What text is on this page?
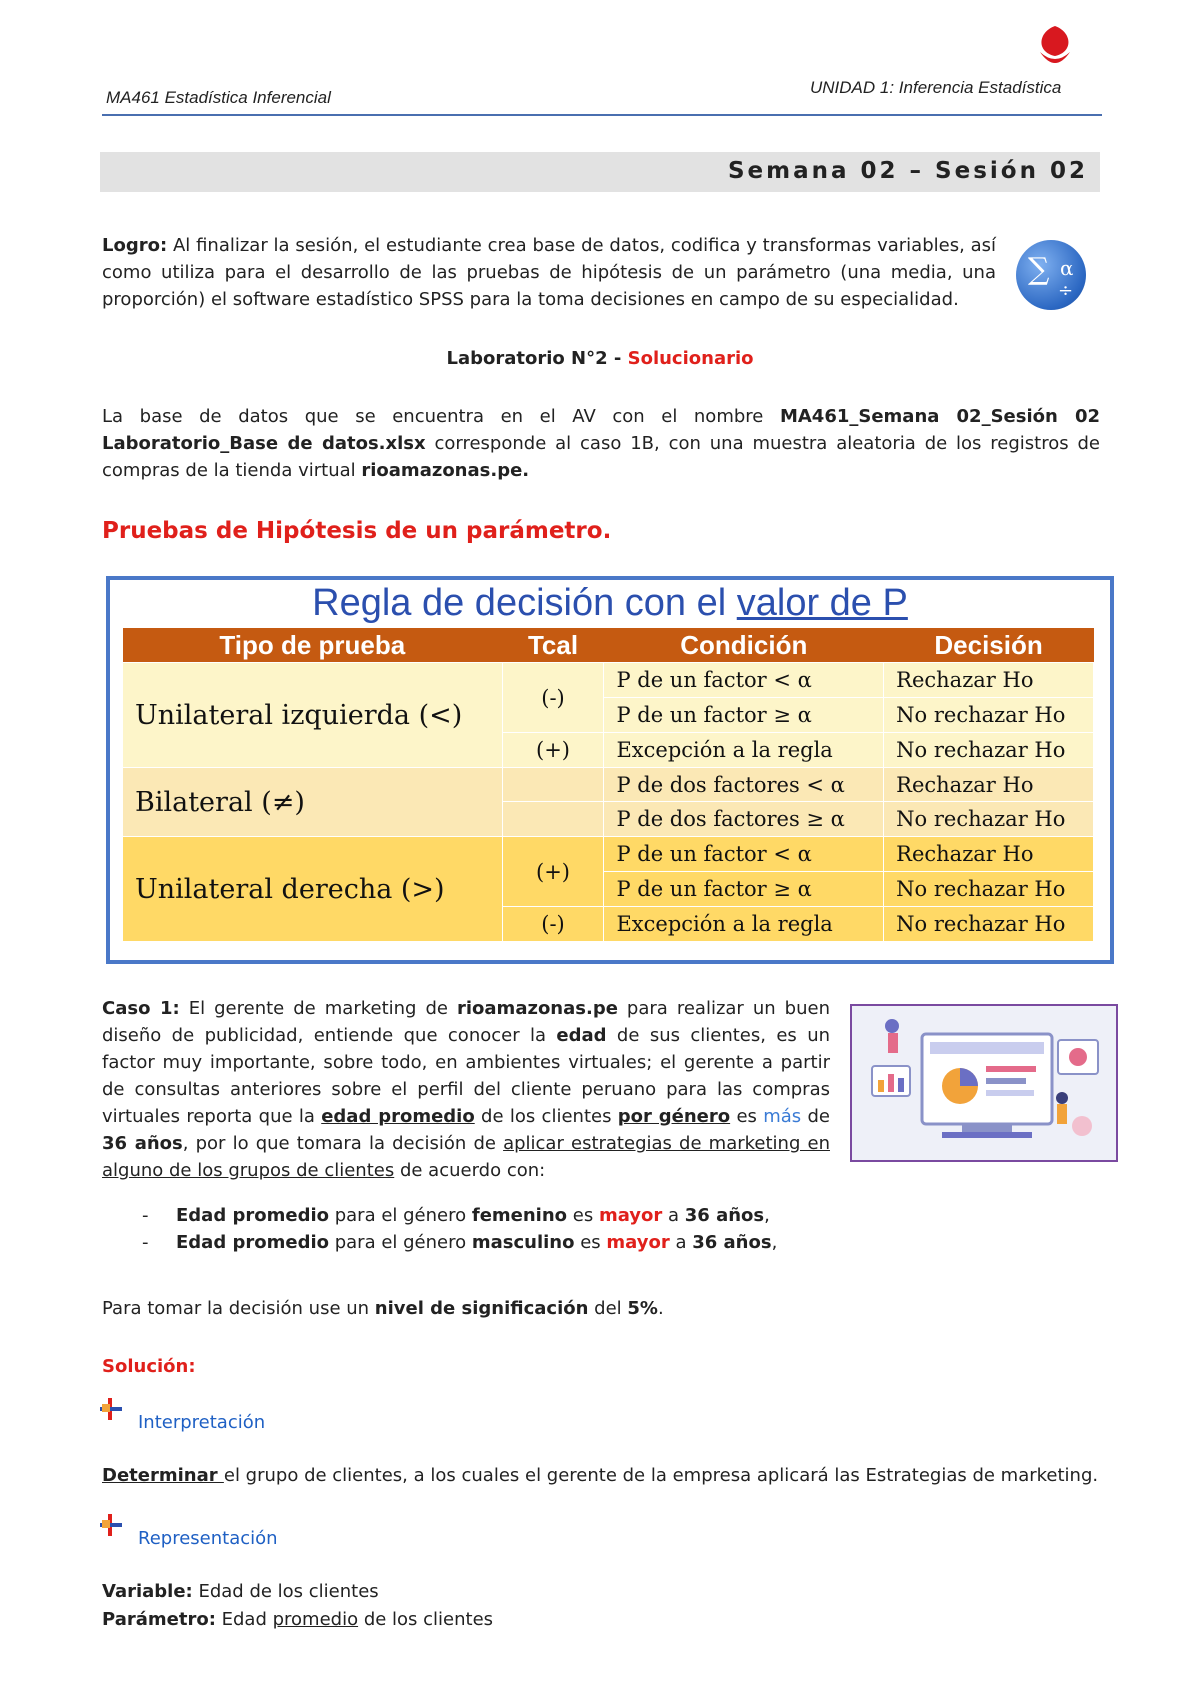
MA461 Estadística Inferencial
UNIDAD 1: Inferencia Estadística
Semana 02 – Sesión 02
Logro: Al finalizar la sesión, el estudiante crea base de datos, codifica y transformas variables, así como utiliza para el desarrollo de las pruebas de hipótesis de un parámetro (una media, una proporción) el software estadístico SPSS para la toma decisiones en campo de su especialidad.
∑ α
÷
Laboratorio N°2 - Solucionario
La base de datos que se encuentra en el AV con el nombre MA461_Semana 02_Sesión 02 Laboratorio_Base de datos.xlsx corresponde al caso 1B, con una muestra aleatoria de los registros de compras de la tienda virtual rioamazonas.pe.
Pruebas de Hipótesis de un parámetro.
Regla de decisión con el valor de P
Tipo de prueba	Tcal	Condición	Decisión
Unilateral izquierda (<)	(-)	P de un factor < α	Rechazar Ho
		P de un factor ≥ α	No rechazar Ho
	(+)	Excepción a la regla	No rechazar Ho
Bilateral (≠)		P de dos factores < α	Rechazar Ho
		P de dos factores ≥ α	No rechazar Ho
Unilateral derecha (>)	(+)	P de un factor < α	Rechazar Ho
		P de un factor ≥ α	No rechazar Ho
	(-)	Excepción a la regla	No rechazar Ho
Caso 1: El gerente de marketing de rioamazonas.pe para realizar un buen diseño de publicidad, entiende que conocer la edad de sus clientes, es un factor muy importante, sobre todo, en ambientes virtuales; el gerente a partir de consultas anteriores sobre el perfil del cliente peruano para las compras virtuales reporta que la edad promedio de los clientes por género es más de 36 años, por lo que tomara la decisión de aplicar estrategias de marketing en alguno de los grupos de clientes de acuerdo con:
- Edad promedio para el género femenino es mayor a 36 años,
- Edad promedio para el género masculino es mayor a 36 años,
Para tomar la decisión use un nivel de significación del 5%.
Solución:
Interpretación
Determinar el grupo de clientes, a los cuales el gerente de la empresa aplicará las Estrategias de marketing.
Representación
Variable: Edad de los clientes
Parámetro: Edad promedio de los clientes
